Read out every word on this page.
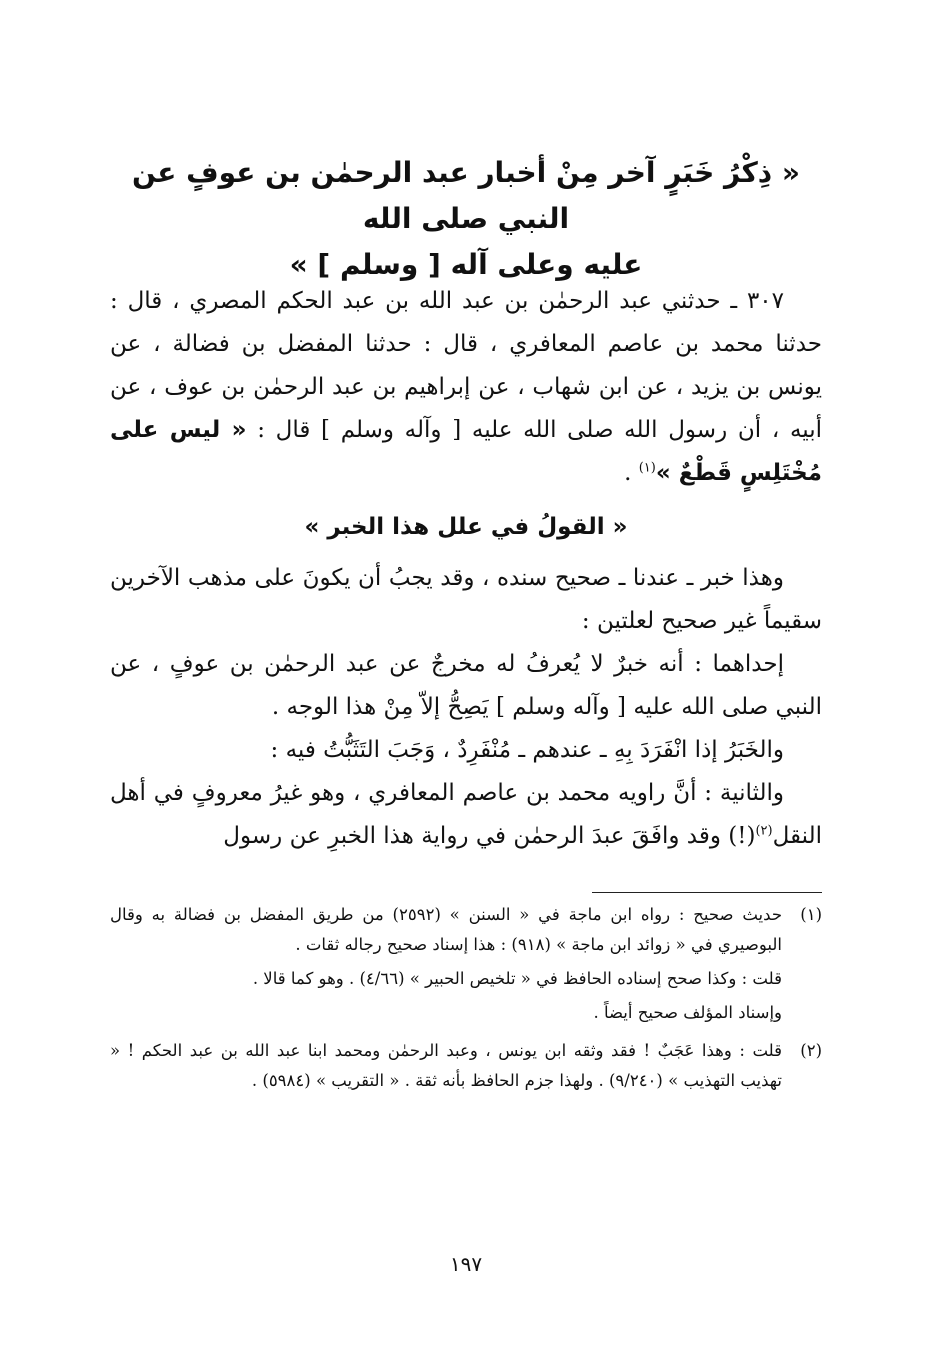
« ذِكْرُ خَبَرٍ آخر مِنْ أخبار عبد الرحمٰن بن عوفٍ عن النبي صلى الله
عليه وعلى آله [ وسلم ] »

٣٠٧ ـ حدثني عبد الرحمٰن بن عبد الله بن عبد الحكم المصري ، قال : حدثنا محمد بن عاصم المعافري ، قال : حدثنا المفضل بن فضالة ، عن يونس بن يزيد ، عن ابن شهاب ، عن إبراهيم بن عبد الرحمٰن بن عوف ، عن أبيه ، أن رسول الله صلى الله عليه [ وآله وسلم ] قال : « ليس على مُخْتَلِسٍ قَطْعٌ »$^{(١)}$ .

« القولُ في علل هذا الخبر »

وهذا خبر ـ عندنا ـ صحيح سنده ، وقد يجبُ أن يكونَ على مذهب الآخرين سقيماً غير صحيح لعلتين :

إحداهما : أنه خبرٌ لا يُعرفُ له مخرجٌ عن عبد الرحمٰن بن عوفٍ ، عن النبي صلى الله عليه [ وآله وسلم ] يَصِحُّ إلاّ مِنْ هذا الوجه .

والخَبَرُ إذا انْفَرَدَ بِهِ ـ عندهم ـ مُنْفَرِدٌ ، وَجَبَ التَثَبُّتُ فيه :

والثانية : أنَّ راويه محمد بن عاصم المعافري ، وهو غيرُ معروفٍ في أهل النقل$^{(٢)}$(!) وقد وافَقَ عبدَ الرحمٰن في رواية هذا الخبرِ عن رسول

(١)

حديث صحيح : رواه ابن ماجة في « السنن » (٢٥٩٢) من طريق المفضل بن فضالة به وقال البوصيري في « زوائد ابن ماجة » (٩١٨) : هذا إسناد صحيح رجاله ثقات .

قلت : وكذا صحح إسناده الحافظ في « تلخيص الحبير » (٤/٦٦) . وهو كما قالا .

وإسناد المؤلف صحيح أيضاً .

(٢)

قلت : وهذا عَجَبٌ ! فقد وثقه ابن يونس ، وعبد الرحمٰن ومحمد ابنا عبد الله بن عبد الحكم ! « تهذيب التهذيب » (٩/٢٤٠) . ولهذا جزم الحافظ بأنه ثقة . « التقريب » (٥٩٨٤) .

١٩٧
